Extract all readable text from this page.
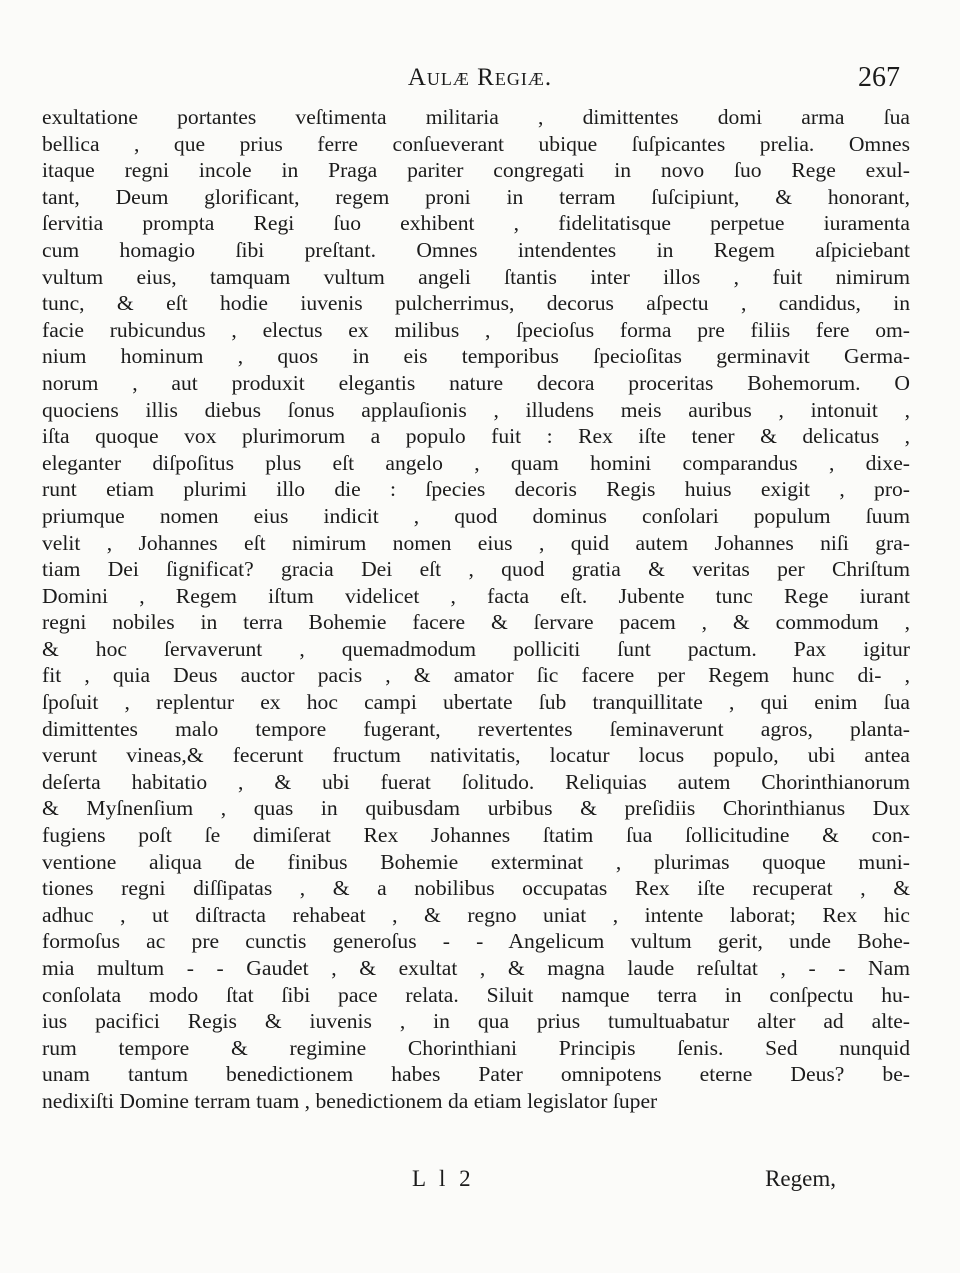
Aulæ Regiæ.	267
exultatione portantes veſtimenta militaria , dimittentes domi arma ſua
bellica , que prius ferre conſueverant ubique ſuſpicantes prelia. Omnes
itaque regni incole in Praga pariter congregati in novo ſuo Rege exul-
tant, Deum glorificant, regem proni in terram ſuſcipiunt, & honorant,
ſervitia prompta Regi ſuo exhibent , fidelitatisque perpetue iuramenta
cum homagio ſibi preſtant. Omnes intendentes in Regem aſpiciebant
vultum eius, tamquam vultum angeli ſtantis inter illos , fuit nimirum
tunc, & eſt hodie iuvenis pulcherrimus, decorus aſpectu , candidus, in
facie rubicundus , electus ex milibus , ſpecioſus forma pre filiis fere om-
nium hominum , quos in eis temporibus ſpecioſitas germinavit Germa-
norum , aut produxit elegantis nature decora proceritas Bohemorum. O
quociens illis diebus ſonus applauſionis , illudens meis auribus , intonuit ,
iſta quoque vox plurimorum a populo fuit : Rex iſte tener & delicatus ,
eleganter diſpoſitus plus eſt angelo , quam homini comparandus , dixe-
runt etiam plurimi illo die : ſpecies decoris Regis huius exigit , pro-
priumque nomen eius indicit , quod dominus conſolari populum ſuum
velit , Johannes eſt nimirum nomen eius , quid autem Johannes niſi gra-
tiam Dei ſignificat? gracia Dei eſt , quod gratia & veritas per Chriſtum
Domini , Regem iſtum videlicet , facta eſt. Jubente tunc Rege iurant
regni nobiles in terra Bohemie facere & ſervare pacem , & commodum ,
& hoc ſervaverunt , quemadmodum polliciti ſunt pactum. Pax igitur
fit , quia Deus auctor pacis , & amator ſic facere per Regem hunc di- ,
ſpoſuit , replentur ex hoc campi ubertate ſub tranquillitate , qui enim ſua
dimittentes malo tempore fugerant, revertentes ſeminaverunt agros, planta-
verunt vineas,& fecerunt fructum nativitatis, locatur locus populo, ubi antea
deſerta habitatio , & ubi fuerat ſolitudo. Reliquias autem Chorinthianorum
& Myſnenſium , quas in quibusdam urbibus & preſidiis Chorinthianus Dux
fugiens poſt ſe dimiſerat Rex Johannes ſtatim ſua ſollicitudine & con-
ventione aliqua de finibus Bohemie exterminat , plurimas quoque muni-
tiones regni diſſipatas , & a nobilibus occupatas Rex iſte recuperat , &
adhuc , ut diſtracta rehabeat , & regno uniat , intente laborat; Rex hic
formoſus ac pre cunctis generoſus - - Angelicum vultum gerit, unde Bohe-
mia multum - - Gaudet , & exultat , & magna laude reſultat , - - Nam
conſolata modo ſtat ſibi pace relata. Siluit namque terra in conſpectu hu-
ius pacifici Regis & iuvenis , in qua prius tumultuabatur alter ad alte-
rum tempore & regimine Chorinthiani Principis ſenis. Sed nunquid
unam tantum benedictionem habes Pater omnipotens eterne Deus? be-
nedixiſti Domine terram tuam , benedictionem da etiam legislator ſuper
L l 2	Regem,
